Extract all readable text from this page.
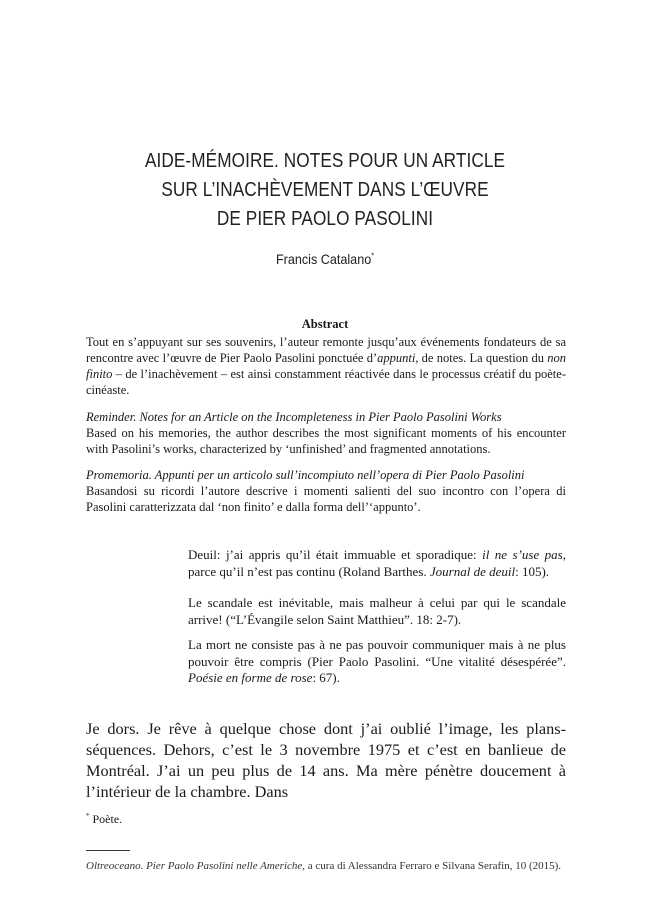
AIDE-MÉMOIRE. NOTES POUR UN ARTICLE
SUR L’INACHÈVEMENT DANS L’ŒUVRE
DE PIER PAOLO PASOLINI
Francis Catalano*
Abstract
Tout en s’appuyant sur ses souvenirs, l’auteur remonte jusqu’aux événements fondateurs de sa rencontre avec l’œuvre de Pier Paolo Pasolini ponctuée d’appunti, de notes. La question du non finito – de l’inachèvement – est ainsi constamment réactivée dans le processus créatif du poète-cinéaste.
Reminder. Notes for an Article on the Incompleteness in Pier Paolo Pasolini Works
Based on his memories, the author describes the most significant moments of his encounter with Pasolini’s works, characterized by ‘unfinished’ and fragmented annotations.
Promemoria. Appunti per un articolo sull’incompiuto nell’opera di Pier Paolo Pasolini
Basandosi su ricordi l’autore descrive i momenti salienti del suo incontro con l’opera di Pasolini caratterizzata dal ‘non finito’ e dalla forma dell’‘appunto’.
Deuil: j’ai appris qu’il était immuable et sporadique: il ne s’use pas, parce qu’il n’est pas continu (Roland Barthes. Journal de deuil: 105).
Le scandale est inévitable, mais malheur à celui par qui le scandale arrive! (“L’Évangile selon Saint Matthieu”. 18: 2-7).
La mort ne consiste pas à ne pas pouvoir communiquer mais à ne plus pouvoir être compris (Pier Paolo Pasolini. “Une vitalité désespérée”. Poésie en forme de rose: 67).
Je dors. Je rêve à quelque chose dont j’ai oublié l’image, les plans-séquences. Dehors, c’est le 3 novembre 1975 et c’est en banlieue de Montréal. J’ai un peu plus de 14 ans. Ma mère pénètre doucement à l’intérieur de la chambre. Dans
* Poète.
Oltreoceano. Pier Paolo Pasolini nelle Americhe, a cura di Alessandra Ferraro e Silvana Serafin, 10 (2015).
